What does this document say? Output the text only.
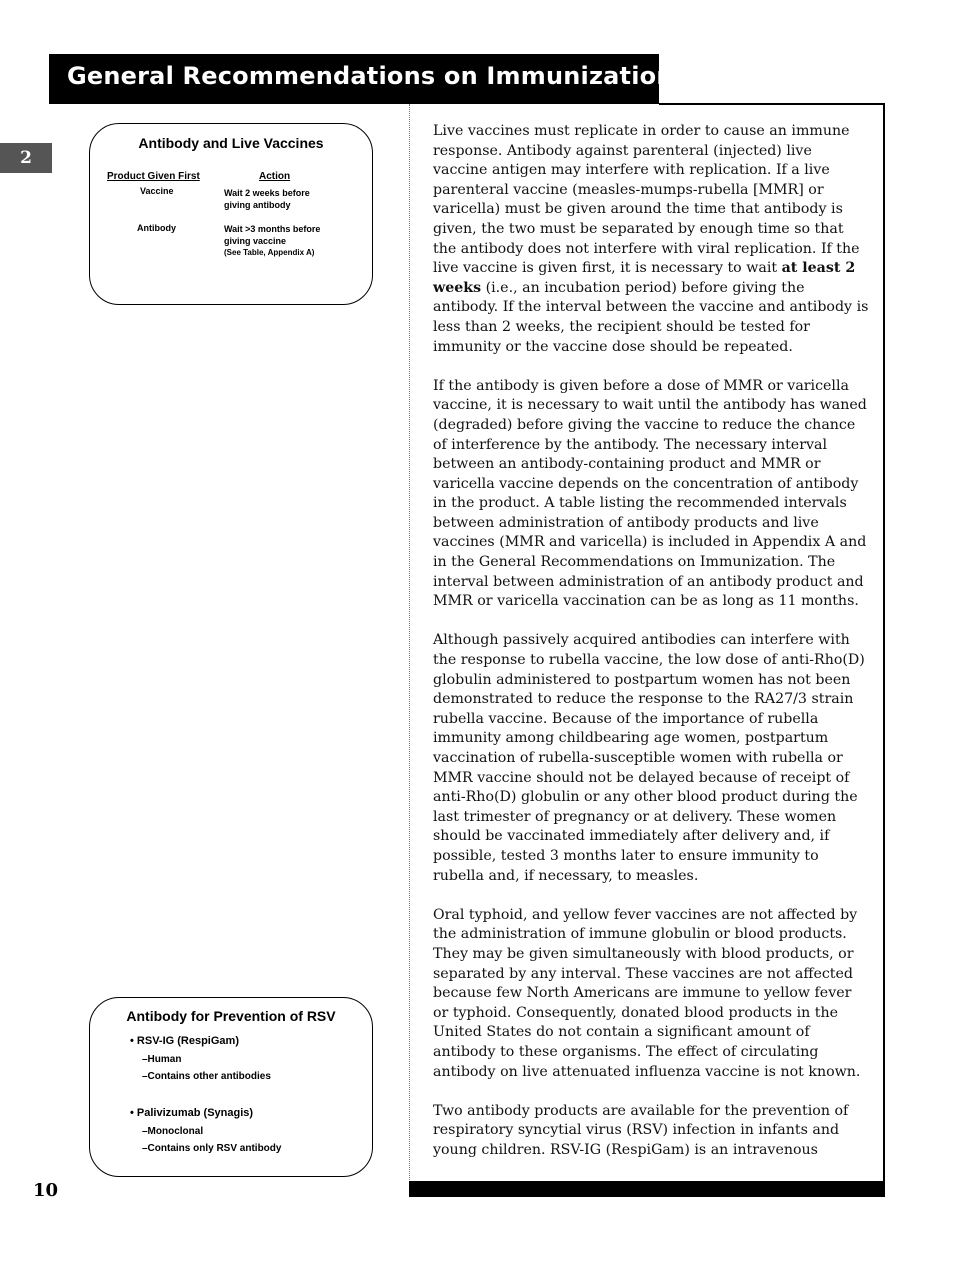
General Recommendations on Immunization
2
Antibody and Live Vaccines
Product Given First	Action
Vaccine	Wait 2 weeks before
giving antibody
Antibody	Wait >3 months before
giving vaccine
(See Table, Appendix A)
Antibody for Prevention of RSV
• RSV-IG (RespiGam)
–Human
–Contains other antibodies
• Palivizumab (Synagis)
–Monoclonal
–Contains only RSV antibody

Live vaccines must replicate in order to cause an immune response. Antibody against parenteral (injected) live vaccine antigen may interfere with replication. If a live parenteral vaccine (measles-mumps-rubella [MMR] or varicella) must be given around the time that antibody is given, the two must be separated by enough time so that the antibody does not interfere with viral replication. If the live vaccine is given first, it is necessary to wait at least 2 weeks (i.e., an incubation period) before giving the antibody. If the interval between the vaccine and antibody is less than 2 weeks, the recipient should be tested for immunity or the vaccine dose should be repeated.

If the antibody is given before a dose of MMR or varicella vaccine, it is necessary to wait until the antibody has waned (degraded) before giving the vaccine to reduce the chance of interference by the antibody. The necessary interval between an antibody-containing product and MMR or varicella vaccine depends on the concentration of antibody in the product. A table listing the recommended intervals between administration of antibody products and live vaccines (MMR and varicella) is included in Appendix A and in the General Recommendations on Immunization. The interval between administration of an antibody product and MMR or varicella vaccination can be as long as 11 months.

Although passively acquired antibodies can interfere with the response to rubella vaccine, the low dose of anti-Rho(D) globulin administered to postpartum women has not been demonstrated to reduce the response to the RA27/3 strain rubella vaccine. Because of the importance of rubella immunity among childbearing age women, postpartum vaccination of rubella-susceptible women with rubella or MMR vaccine should not be delayed because of receipt of anti-Rho(D) globulin or any other blood product during the last trimester of pregnancy or at delivery. These women should be vaccinated immediately after delivery and, if possible, tested 3 months later to ensure immunity to rubella and, if necessary, to measles.

Oral typhoid, and yellow fever vaccines are not affected by the administration of immune globulin or blood products. They may be given simultaneously with blood products, or separated by any interval. These vaccines are not affected because few North Americans are immune to yellow fever or typhoid. Consequently, donated blood products in the United States do not contain a significant amount of antibody to these organisms. The effect of circulating antibody on live attenuated influenza vaccine is not known.

Two antibody products are available for the prevention of respiratory syncytial virus (RSV) infection in infants and young children. RSV-IG (RespiGam) is an intravenous

10
